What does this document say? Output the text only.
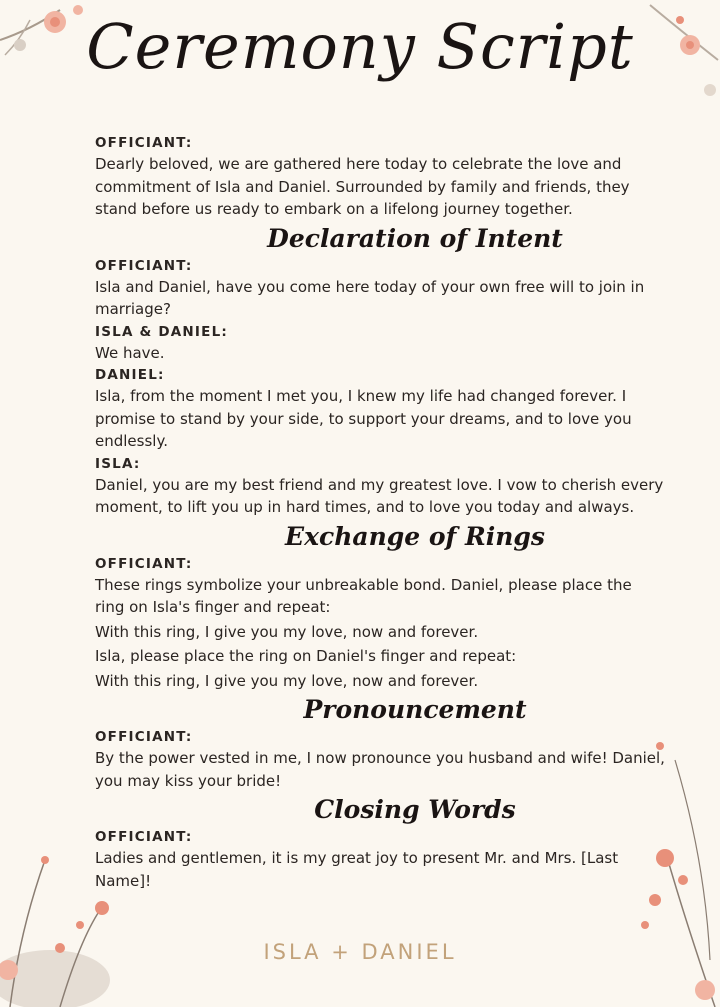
Ceremony Script
OFFICIANT:
Dearly beloved, we are gathered here today to celebrate the love and commitment of Isla and Daniel. Surrounded by family and friends, they stand before us ready to embark on a lifelong journey together.
Declaration of Intent
OFFICIANT:
Isla and Daniel, have you come here today of your own free will to join in marriage?
ISLA & DANIEL:
We have.
DANIEL:
Isla, from the moment I met you, I knew my life had changed forever. I promise to stand by your side, to support your dreams, and to love you endlessly.
ISLA:
Daniel, you are my best friend and my greatest love. I vow to cherish every moment, to lift you up in hard times, and to love you today and always.
Exchange of Rings
OFFICIANT:
These rings symbolize your unbreakable bond. Daniel, please place the ring on Isla's finger and repeat:
With this ring, I give you my love, now and forever.
Isla, please place the ring on Daniel's finger and repeat:
With this ring, I give you my love, now and forever.
Pronouncement
OFFICIANT:
By the power vested in me, I now pronounce you husband and wife! Daniel, you may kiss your bride!
Closing Words
OFFICIANT:
Ladies and gentlemen, it is my great joy to present Mr. and Mrs. [Last Name]!
ISLA + DANIEL
